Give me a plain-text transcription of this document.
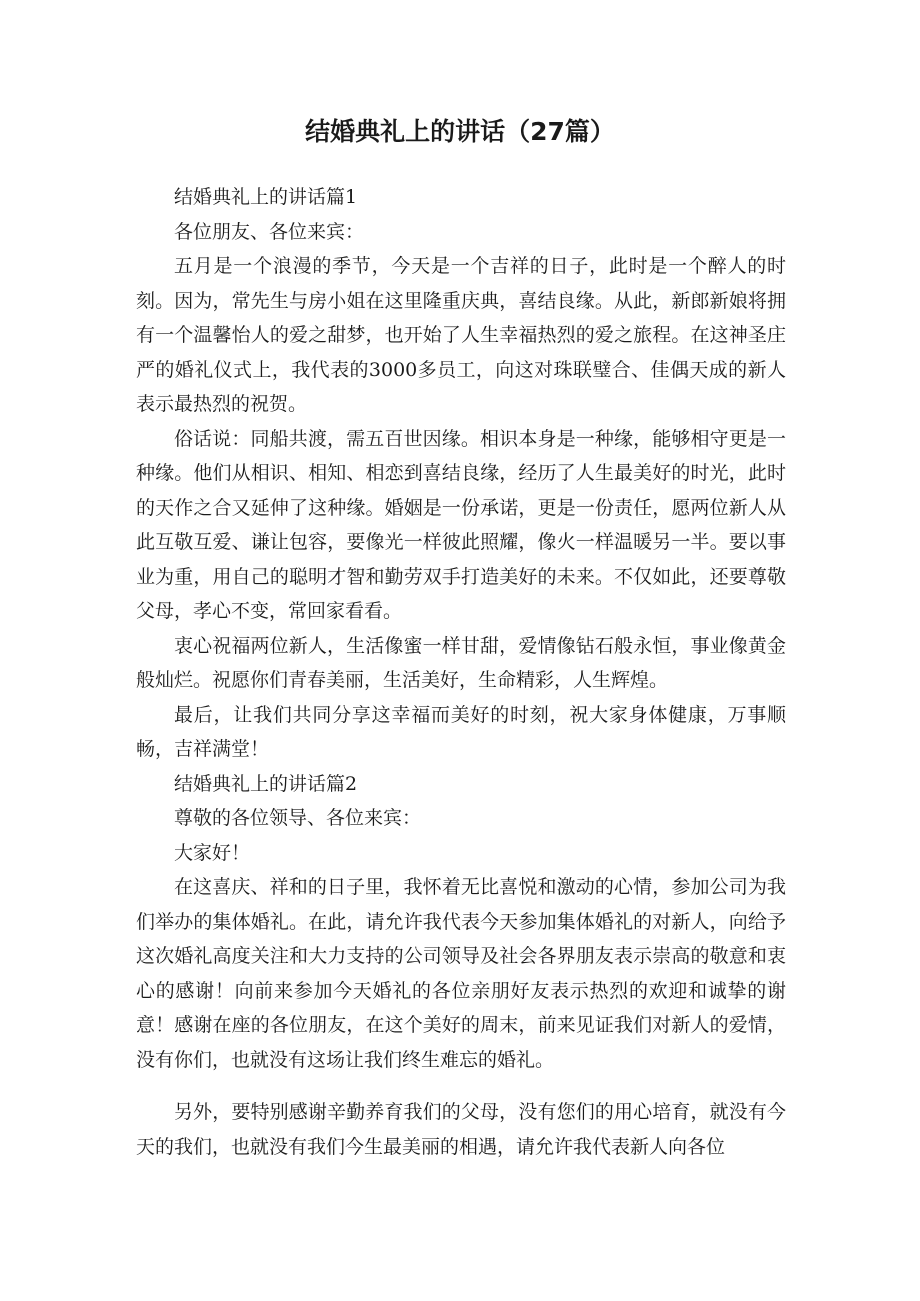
结婚典礼上的讲话（27篇）

结婚典礼上的讲话篇1

各位朋友、各位来宾：

五月是一个浪漫的季节，今天是一个吉祥的日子，此时是一个醉人的时刻。因为，常先生与房小姐在这里隆重庆典，喜结良缘。从此，新郎新娘将拥有一个温馨怡人的爱之甜梦，也开始了人生幸福热烈的爱之旅程。在这神圣庄严的婚礼仪式上，我代表的3000多员工，向这对珠联璧合、佳偶天成的新人表示最热烈的祝贺。

俗话说：同船共渡，需五百世因缘。相识本身是一种缘，能够相守更是一种缘。他们从相识、相知、相恋到喜结良缘，经历了人生最美好的时光，此时的天作之合又延伸了这种缘。婚姻是一份承诺，更是一份责任，愿两位新人从此互敬互爱、谦让包容，要像光一样彼此照耀，像火一样温暖另一半。要以事业为重，用自己的聪明才智和勤劳双手打造美好的未来。不仅如此，还要尊敬父母，孝心不变，常回家看看。

衷心祝福两位新人，生活像蜜一样甘甜，爱情像钻石般永恒，事业像黄金般灿烂。祝愿你们青春美丽，生活美好，生命精彩，人生辉煌。

最后，让我们共同分享这幸福而美好的时刻，祝大家身体健康，万事顺畅，吉祥满堂！

结婚典礼上的讲话篇2

尊敬的各位领导、各位来宾：

大家好！

在这喜庆、祥和的日子里，我怀着无比喜悦和激动的心情，参加公司为我们举办的集体婚礼。在此，请允许我代表今天参加集体婚礼的对新人，向给予这次婚礼高度关注和大力支持的公司领导及社会各界朋友表示崇高的敬意和衷心的感谢！向前来参加今天婚礼的各位亲朋好友表示热烈的欢迎和诚挚的谢意！感谢在座的各位朋友，在这个美好的周末，前来见证我们对新人的爱情，没有你们，也就没有这场让我们终生难忘的婚礼。

另外，要特别感谢辛勤养育我们的父母，没有您们的用心培育，就没有今天的我们，也就没有我们今生最美丽的相遇，请允许我代表新人向各位
